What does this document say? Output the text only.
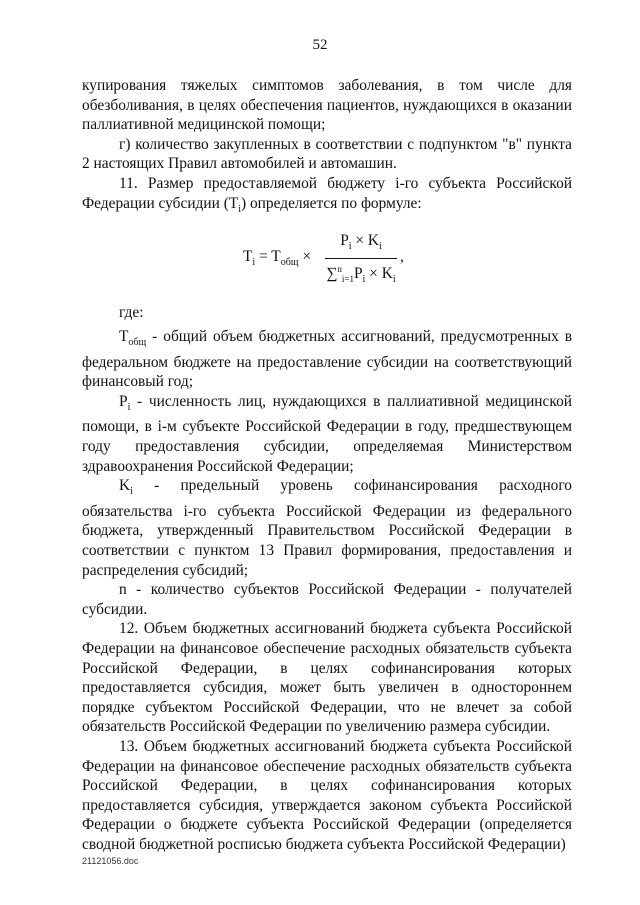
52

купирования тяжелых симптомов заболевания, в том числе для обезболивания, в целях обеспечения пациентов, нуждающихся в оказании паллиативной медицинской помощи;

г) количество закупленных в соответствии с подпунктом "в" пункта 2 настоящих Правил автомобилей и автомашин.

11. Размер предоставляемой бюджету i-го субъекта Российской Федерации субсидии $(T_i)$ определяется по формуле:

$T_i = T_{общ} \times \frac{P_i \times K_i}{\sum^n_{i=1}P_i \times K_i}$ ,

где:

$T_{общ}$ - общий объем бюджетных ассигнований, предусмотренных в федеральном бюджете на предоставление субсидии на соответствующий финансовый год;

$P_i$ - численность лиц, нуждающихся в паллиативной медицинской помощи, в i-м субъекте Российской Федерации в году, предшествующем году предоставления субсидии, определяемая Министерством здравоохранения Российской Федерации;

$K_i$ - предельный уровень софинансирования расходного обязательства i-го субъекта Российской Федерации из федерального бюджета, утвержденный Правительством Российской Федерации в соответствии с пунктом 13 Правил формирования, предоставления и распределения субсидий;

n - количество субъектов Российской Федерации - получателей субсидии.

12. Объем бюджетных ассигнований бюджета субъекта Российской Федерации на финансовое обеспечение расходных обязательств субъекта Российской Федерации, в целях софинансирования которых предоставляется субсидия, может быть увеличен в одностороннем порядке субъектом Российской Федерации, что не влечет за собой обязательств Российской Федерации по увеличению размера субсидии.

13. Объем бюджетных ассигнований бюджета субъекта Российской Федерации на финансовое обеспечение расходных обязательств субъекта Российской Федерации, в целях софинансирования которых предоставляется субсидия, утверждается законом субъекта Российской Федерации о бюджете субъекта Российской Федерации (определяется сводной бюджетной росписью бюджета субъекта Российской Федерации)

21121056.doc
